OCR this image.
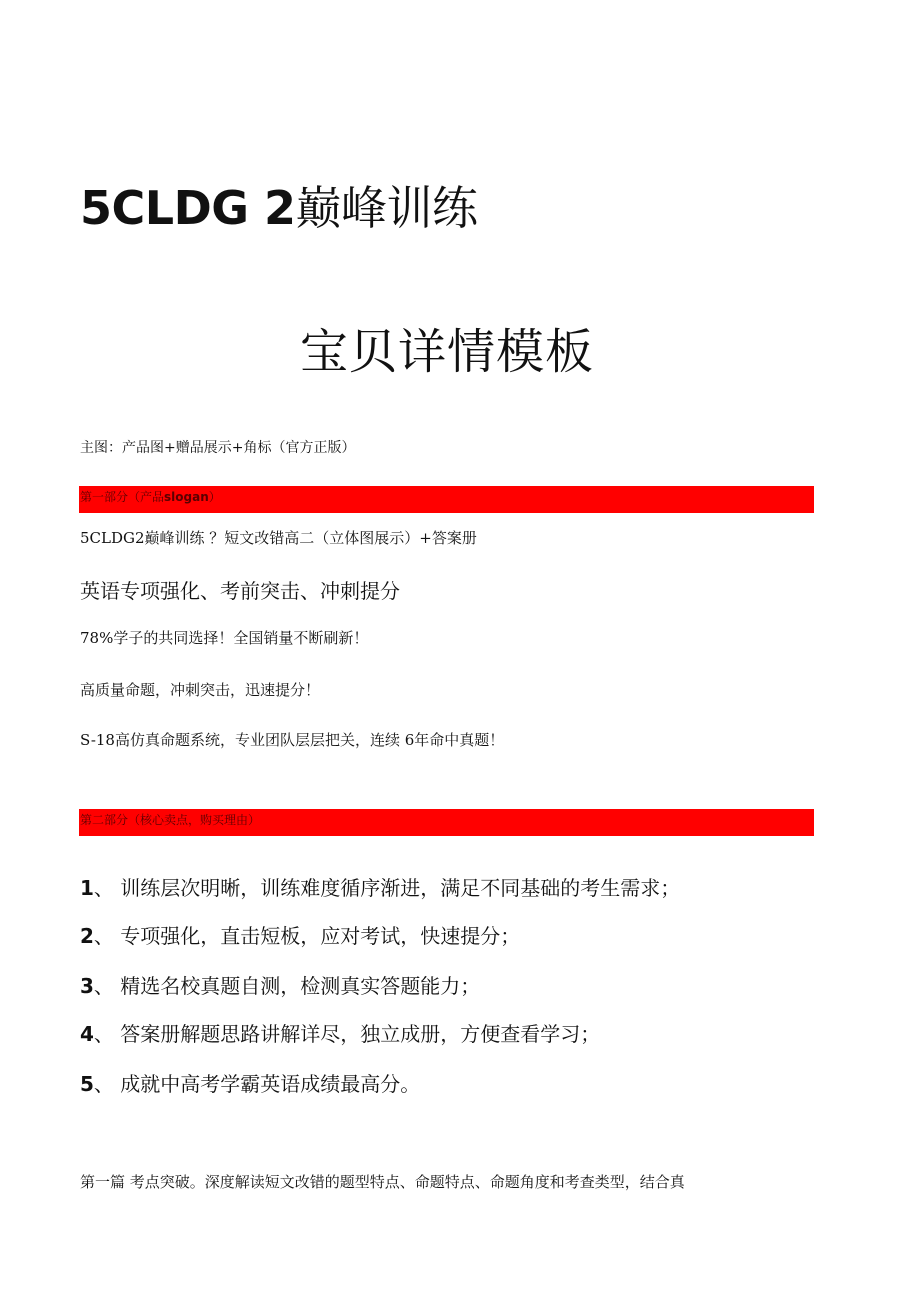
5CLDG 2巅峰训练
宝贝详情模板
主图：产品图+赠品展示+角标（官方正版）
第一部分（产品slogan）
5CLDG2巅峰训练 ？短文改错高二（立体图展示）+答案册
英语专项强化、考前突击、冲刺提分
78%学子的共同选择！全国销量不断刷新！
高质量命题，冲刺突击，迅速提分！
S-18高仿真命题系统，专业团队层层把关，连续 6年命中真题！
第二部分（核心卖点，购买理由）
1、 训练层次明晰，训练难度循序渐进，满足不同基础的考生需求；
2、 专项强化，直击短板，应对考试，快速提分；
3、 精选名校真题自测，检测真实答题能力；
4、 答案册解题思路讲解详尽，独立成册，方便查看学习；
5、 成就中高考学霸英语成绩最高分。
第一篇 考点突破。深度解读短文改错的题型特点、命题特点、命题角度和考查类型，结合真
